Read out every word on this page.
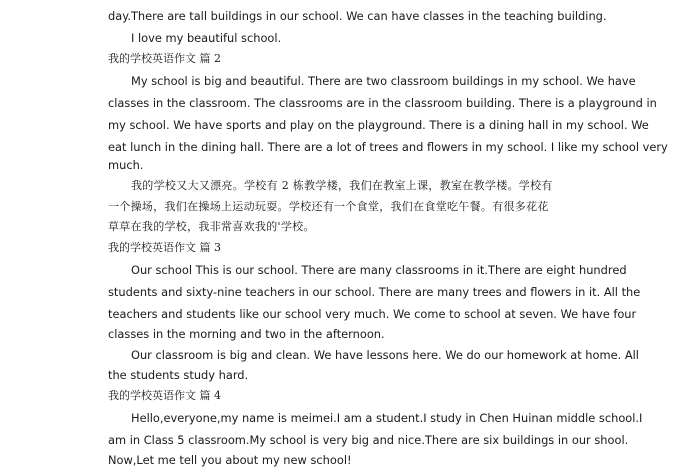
day.There are tall buildings in our school. We can have classes in the teaching building.
I love my beautiful school.
我的学校英语作文 篇 2
My school is big and beautiful. There are two classroom buildings in my school. We have
classes in the classroom. The classrooms are in the classroom building. There is a playground in
my school. We have sports and play on the playground. There is a dining hall in my school. We
eat lunch in the dining hall. There are a lot of trees and flowers in my school. I like my school very
much.
我的学校又大又漂亮。学校有 2 栋教学楼，我们在教室上课，教室在教学楼。学校有
一个操场，我们在操场上运动玩耍。学校还有一个食堂，我们在食堂吃午餐。有很多花花
草草在我的学校，我非常喜欢我的'学校。
我的学校英语作文 篇 3
Our school This is our school. There are many classrooms in it.There are eight hundred
students and sixty-nine teachers in our school. There are many trees and flowers in it. All the
teachers and students like our school very much. We come to school at seven. We have four
classes in the morning and two in the afternoon.
Our classroom is big and clean. We have lessons here. We do our homework at home. All
the students study hard.
我的学校英语作文 篇 4
Hello,everyone,my name is meimei.I am a student.I study in Chen Huinan middle school.I
am in Class 5 classroom.My school is very big and nice.There are six buildings in our shool.
Now,Let me tell you about my new school!
